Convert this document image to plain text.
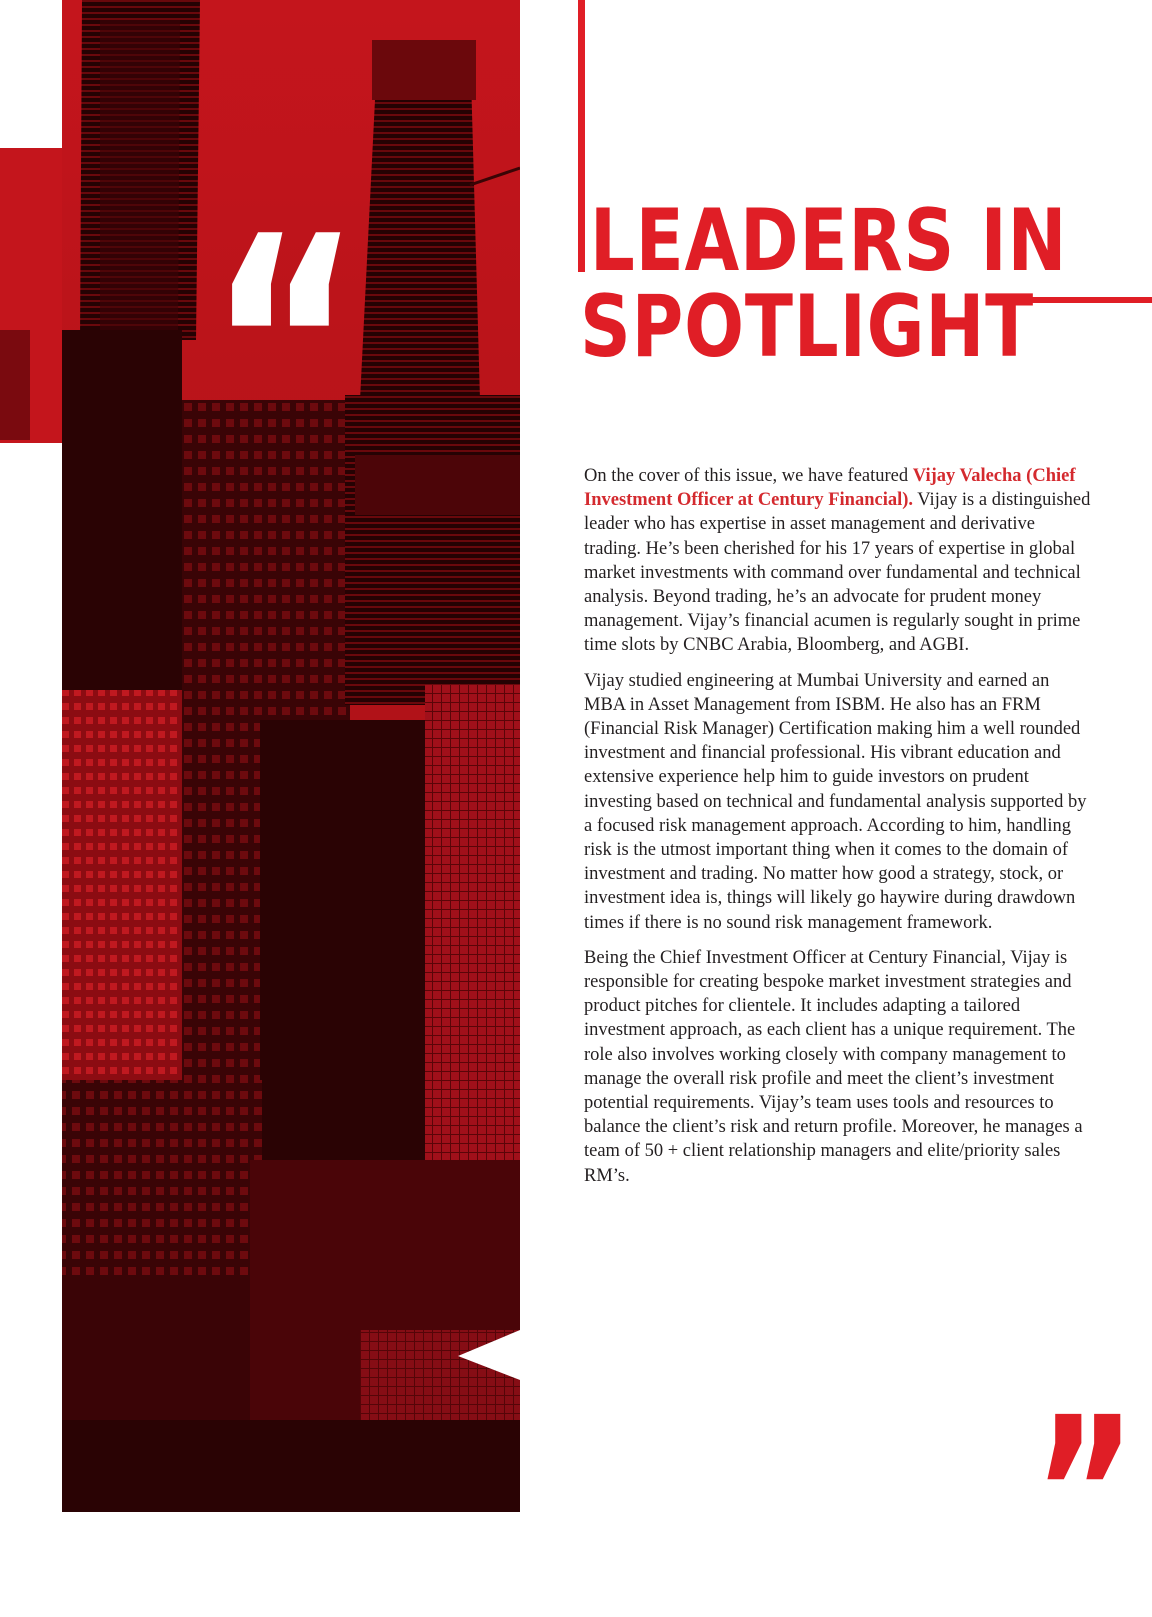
“	LEADERS IN
SPOTLIGHT

On the cover of this issue, we have featured Vijay Valecha (Chief Investment Officer at Century Financial). Vijay is a distinguished leader who has expertise in asset management and derivative trading. He’s been cherished for his 17 years of expertise in global market investments with command over fundamental and technical analysis. Beyond trading, he’s an advocate for prudent money management. Vijay’s financial acumen is regularly sought in prime time slots by CNBC Arabia, Bloomberg, and AGBI.

Vijay studied engineering at Mumbai University and earned an MBA in Asset Management from ISBM. He also has an FRM (Financial Risk Manager) Certification making him a well rounded investment and financial professional. His vibrant education and extensive experience help him to guide investors on prudent investing based on technical and fundamental analysis supported by a focused risk management approach. According to him, handling risk is the utmost important thing when it comes to the domain of investment and trading. No matter how good a strategy, stock, or investment idea is, things will likely go haywire during drawdown times if there is no sound risk management framework.

Being the Chief Investment Officer at Century Financial, Vijay is responsible for creating bespoke market investment strategies and product pitches for clientele. It includes adapting a tailored investment approach, as each client has a unique requirement. The role also involves working closely with company management to manage the overall risk profile and meet the client’s investment potential requirements. Vijay’s team uses tools and resources to balance the client’s risk and return profile. Moreover, he manages a team of 50 + client relationship managers and elite/priority sales RM’s.

”
